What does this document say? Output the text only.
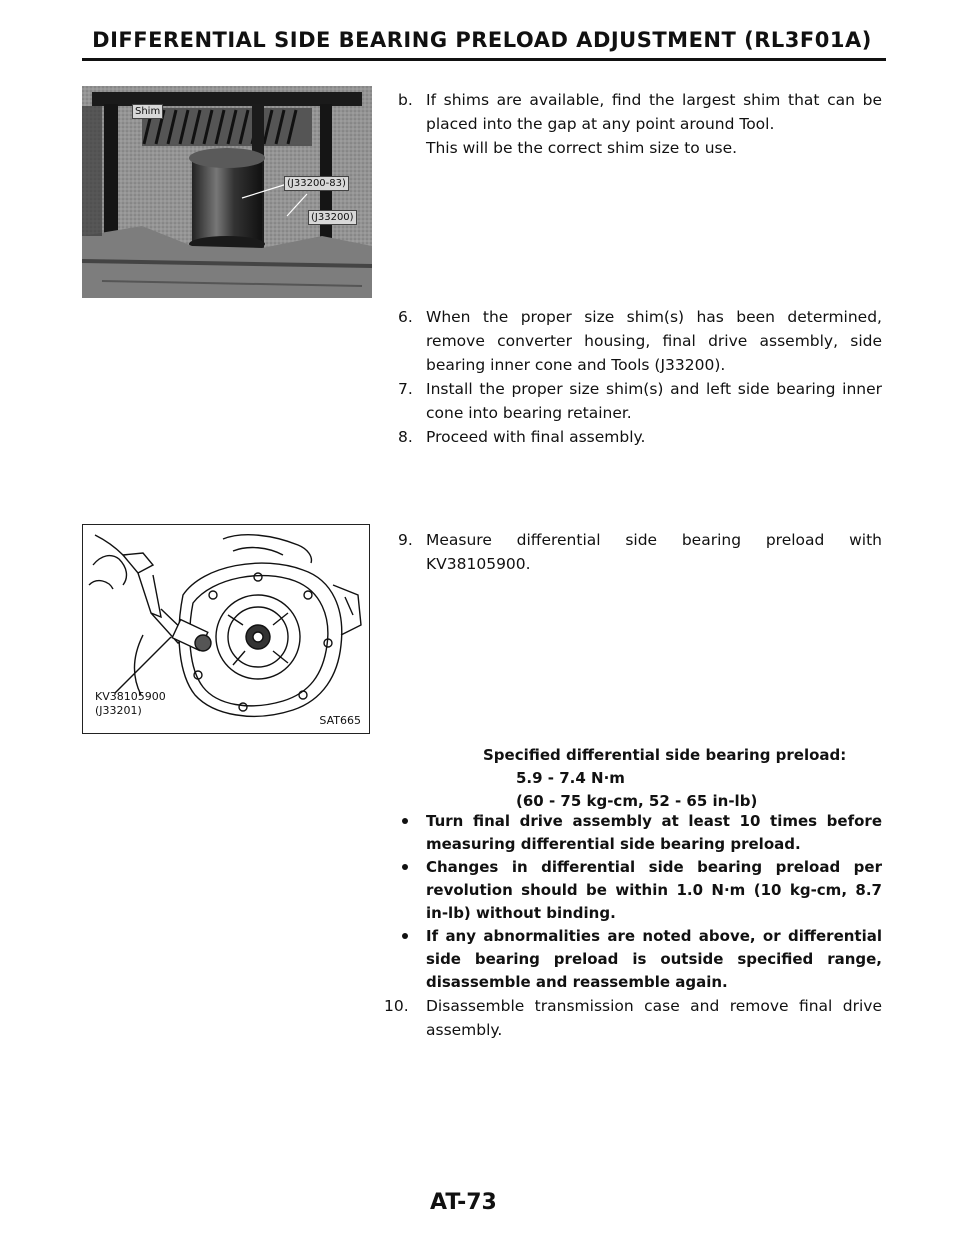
DIFFERENTIAL SIDE BEARING PRELOAD ADJUSTMENT (RL3F01A)
Shim
(J33200-83)
(J33200)
KV38105900
(J33201)
SAT665
b. If shims are available, find the largest shim that can be placed into the gap at any point around Tool.
This will be the correct shim size to use.
6. When the proper size shim(s) has been determined, remove converter housing, final drive assembly, side bearing inner cone and Tools (J33200).
7. Install the proper size shim(s) and left side bearing inner cone into bearing retainer.
8. Proceed with final assembly.
9. Measure differential side bearing preload with KV38105900.
Specified differential side bearing preload:
5.9 - 7.4 N·m
(60 - 75 kg-cm, 52 - 65 in-lb)
Turn final drive assembly at least 10 times before measuring differential side bearing preload.
Changes in differential side bearing preload per revolution should be within 1.0 N·m (10 kg-cm, 8.7 in-lb) without binding.
If any abnormalities are noted above, or differential side bearing preload is outside specified range, disassemble and reassemble again.
10. Disassemble transmission case and remove final drive assembly.
AT-73
